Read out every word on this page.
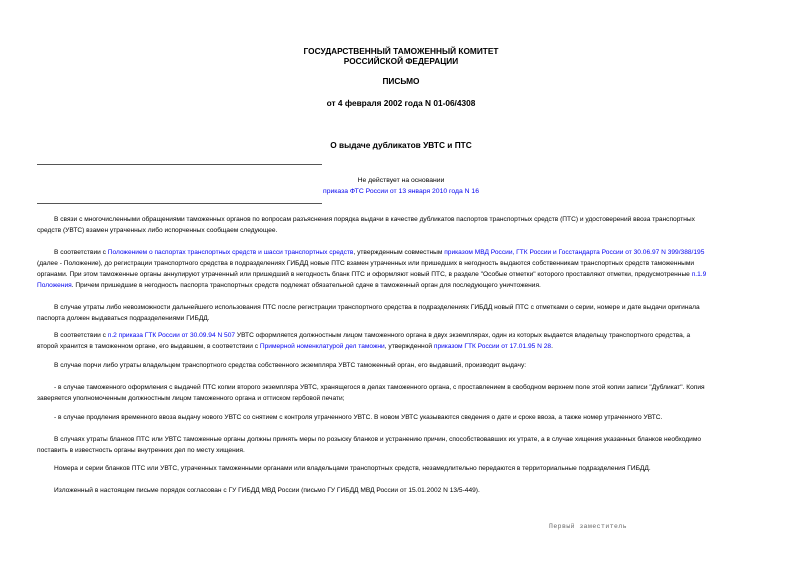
ГОСУДАРСТВЕННЫЙ ТАМОЖЕННЫЙ КОМИТЕТ
РОССИЙСКОЙ ФЕДЕРАЦИИ
ПИСЬМО
от 4 февраля 2002 года N 01-06/4308
О выдаче дубликатов УВТС и ПТС
Не действует на основании
приказа ФТС России от 13 января 2010 года N 16
В связи с многочисленными обращениями таможенных органов по вопросам разъяснения порядка выдачи в качестве дубликатов паспортов транспортных средств (ПТС) и удостоверений ввоза транспортных
средств (УВТС) взамен утраченных либо испорченных сообщаем следующее.
В соответствии с Положением о паспортах транспортных средств и шасси транспортных средств, утвержденным совместным приказом МВД России, ГТК России и Госстандарта России от 30.06.97 N 399/388/195
(далее - Положение), до регистрации транспортного средства в подразделениях ГИБДД новые ПТС взамен утраченных или пришедших в негодность выдаются собственникам транспортных средств таможенными
органами. При этом таможенные органы аннулируют утраченный или пришедший в негодность бланк ПТС и оформляют новый ПТС, в разделе "Особые отметки" которого проставляют отметки, предусмотренные п.1.9
Положения. Причем пришедшие в негодность паспорта транспортных средств подлежат обязательной сдаче в таможенный орган для последующего уничтожения.
В случае утраты либо невозможности дальнейшего использования ПТС после регистрации транспортного средства в подразделениях ГИБДД новый ПТС с отметками о серии, номере и дате выдачи оригинала
паспорта должен выдаваться подразделениями ГИБДД.
В соответствии с п.2 приказа ГТК России от 30.09.94 N 507 УВТС оформляется должностным лицом таможенного органа в двух экземплярах, один из которых выдается владельцу транспортного средства, а
второй хранится в таможенном органе, его выдавшем, в соответствии с Примерной номенклатурой дел таможни, утвержденной приказом ГТК России от 17.01.95 N 28.
В случае порчи либо утраты владельцем транспортного средства собственного экземпляра УВТС таможенный орган, его выдавший, производит выдачу:
- в случае таможенного оформления с выдачей ПТС копии второго экземпляра УВТС, хранящегося в делах таможенного органа, с проставлением в свободном верхнем поле этой копии записи "Дубликат". Копия
заверяется уполномоченным должностным лицом таможенного органа и оттиском гербовой печати;
- в случае продления временного ввоза выдачу нового УВТС со снятием с контроля утраченного УВТС. В новом УВТС указываются сведения о дате и сроке ввоза, а также номер утраченного УВТС.
В случаях утраты бланков ПТС или УВТС таможенные органы должны принять меры по розыску бланков и устранению причин, способствовавших их утрате, а в случае хищения указанных бланков необходимо
поставить в известность органы внутренних дел по месту хищения.
Номера и серии бланков ПТС или УВТС, утраченных таможенными органами или владельцами транспортных средств, незамедлительно передаются в территориальные подразделения ГИБДД.
Изложенный в настоящем письме порядок согласован с ГУ ГИБДД МВД России (письмо ГУ ГИБДД МВД России от 15.01.2002 N 13/5-449).
Первый заместитель
